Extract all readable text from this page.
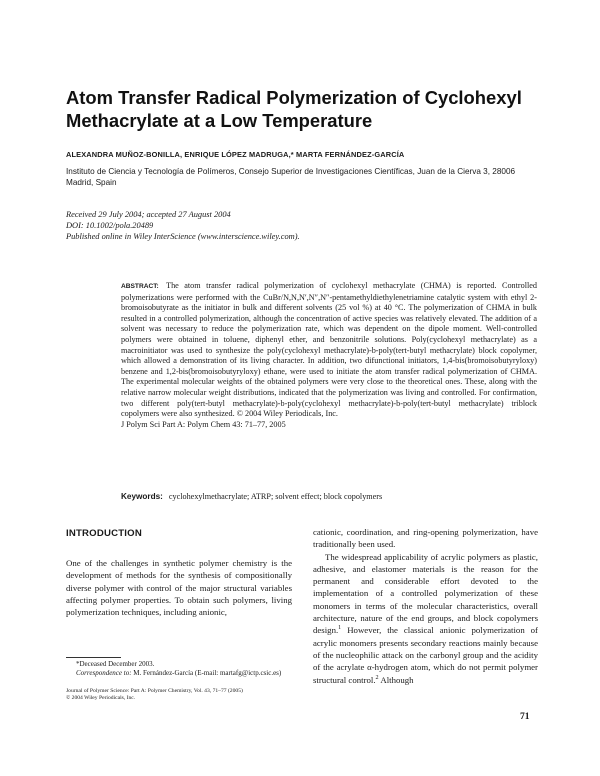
Atom Transfer Radical Polymerization of Cyclohexyl Methacrylate at a Low Temperature
ALEXANDRA MUÑOZ-BONILLA, ENRIQUE LÓPEZ MADRUGA,* MARTA FERNÁNDEZ-GARCÍA
Instituto de Ciencia y Tecnología de Polímeros, Consejo Superior de Investigaciones Científicas, Juan de la Cierva 3, 28006 Madrid, Spain
Received 29 July 2004; accepted 27 August 2004
DOI: 10.1002/pola.20489
Published online in Wiley InterScience (www.interscience.wiley.com).
ABSTRACT: The atom transfer radical polymerization of cyclohexyl methacrylate (CHMA) is reported. Controlled polymerizations were performed with the CuBr/N,N,N′,N″,N″-pentamethyldiethylenetriamine catalytic system with ethyl 2-bromoisobutyrate as the initiator in bulk and different solvents (25 vol %) at 40 °C. The polymerization of CHMA in bulk resulted in a controlled polymerization, although the concentration of active species was relatively elevated. The addition of a solvent was necessary to reduce the polymerization rate, which was dependent on the dipole moment. Well-controlled polymers were obtained in toluene, diphenyl ether, and benzonitrile solutions. Poly(cyclohexyl methacrylate) as a macroinitiator was used to synthesize the poly(cyclohexyl methacrylate)-b-poly(tert-butyl methacrylate) block copolymer, which allowed a demonstration of its living character. In addition, two difunctional initiators, 1,4-bis(bromoisobutyryloxy) benzene and 1,2-bis(bromoisobutyryloxy) ethane, were used to initiate the atom transfer radical polymerization of CHMA. The experimental molecular weights of the obtained polymers were very close to the theoretical ones. These, along with the relative narrow molecular weight distributions, indicated that the polymerization was living and controlled. For confirmation, two different poly(tert-butyl methacrylate)-b-poly(cyclohexyl methacrylate)-b-poly(tert-butyl methacrylate) triblock copolymers were also synthesized. © 2004 Wiley Periodicals, Inc.
J Polym Sci Part A: Polym Chem 43: 71–77, 2005
Keywords: cyclohexylmethacrylate; ATRP; solvent effect; block copolymers
INTRODUCTION
One of the challenges in synthetic polymer chemistry is the development of methods for the synthesis of compositionally diverse polymer with control of the major structural variables affecting polymer properties. To obtain such polymers, living polymerization techniques, including anionic,

cationic, coordination, and ring-opening polymerization, have traditionally been used.

The widespread applicability of acrylic polymers as plastic, adhesive, and elastomer materials is the reason for the permanent and considerable effort devoted to the implementation of a controlled polymerization of these monomers in terms of the molecular characteristics, overall architecture, nature of the end groups, and block copolymers design.$^1$ However, the classical anionic polymerization of acrylic monomers presents secondary reactions mainly because of the nucleophilic attack on the carbonyl group and the acidity of the acrylate α-hydrogen atom, which do not permit polymer structural control.$^2$ Although

*Deceased December 2003.
Correspondence to: M. Fernández-García (E-mail: martafg@ictp.csic.es)
Journal of Polymer Science: Part A: Polymer Chemistry, Vol. 43, 71–77 (2005)
© 2004 Wiley Periodicals, Inc.
71
